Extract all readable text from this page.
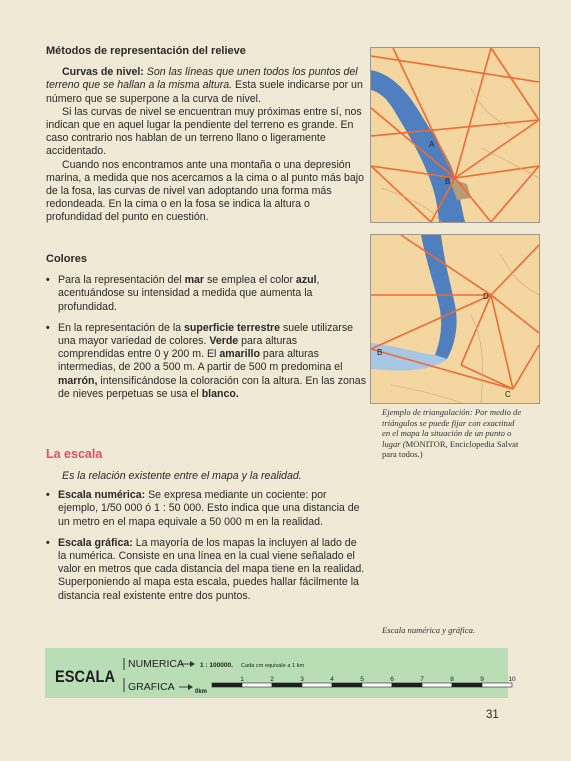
Métodos de representación del relieve

Curvas de nivel: Son las líneas que unen todos los puntos del terreno que se hallan a la misma altura. Esta suele indicarse por un número que se superpone a la curva de nivel.

Si las curvas de nivel se encuentran muy próximas entre sí, nos indican que en aquel lugar la pendiente del terreno es grande. En caso contrario nos hablan de un terreno llano o ligeramente accidentado.

Cuando nos encontramos ante una montaña o una depresión marina, a medida que nos acercamos a la cima o al punto más bajo de la fosa, las curvas de nivel van adoptando una forma más redondeada. En la cima o en la fosa se indica la altura o profundidad del punto en cuestión.

Colores

• Para la representación del mar se emplea el color azul, acentuándose su intensidad a medida que aumenta la profundidad.

• En la representación de la superficie terrestre suele utilizarse una mayor variedad de colores. Verde para alturas comprendidas entre 0 y 200 m. El amarillo para alturas intermedias, de 200 a 500 m. A partir de 500 m predomina el marrón, intensificándose la coloración con la altura. En las zonas de nieves perpetuas se usa el blanco.

La escala

Es la relación existente entre el mapa y la realidad.

• Escala numérica: Se expresa mediante un cociente: por ejemplo, 1/50 000 ó 1 : 50 000. Esto indica que una distancia de un metro en el mapa equivale a 50 000 m en la realidad.

• Escala gráfica: La mayoría de los mapas la incluyen al lado de la numérica. Consiste en una línea en la cual viene señalado el valor en metros que cada distancia del mapa tiene en la realidad. Superponiendo al mapa esta escala, puedes hallar fácilmente la distancia real existente entre dos puntos.

A
B
B
D
C
Ejemplo de triangulación: Por medio de triángulos se puede fijar con exactitud en el mapa la situación de un punto o lugar (MONITOR, Enciclopedia Salvat para todos.)
Escala numérica y gráfica.
ESCALA
NUMERICA 1 : 100000. Cada cm equivale a 1 km
GRAFICA	0km
1	2	3	4	5	6	7	8	9	10
31
